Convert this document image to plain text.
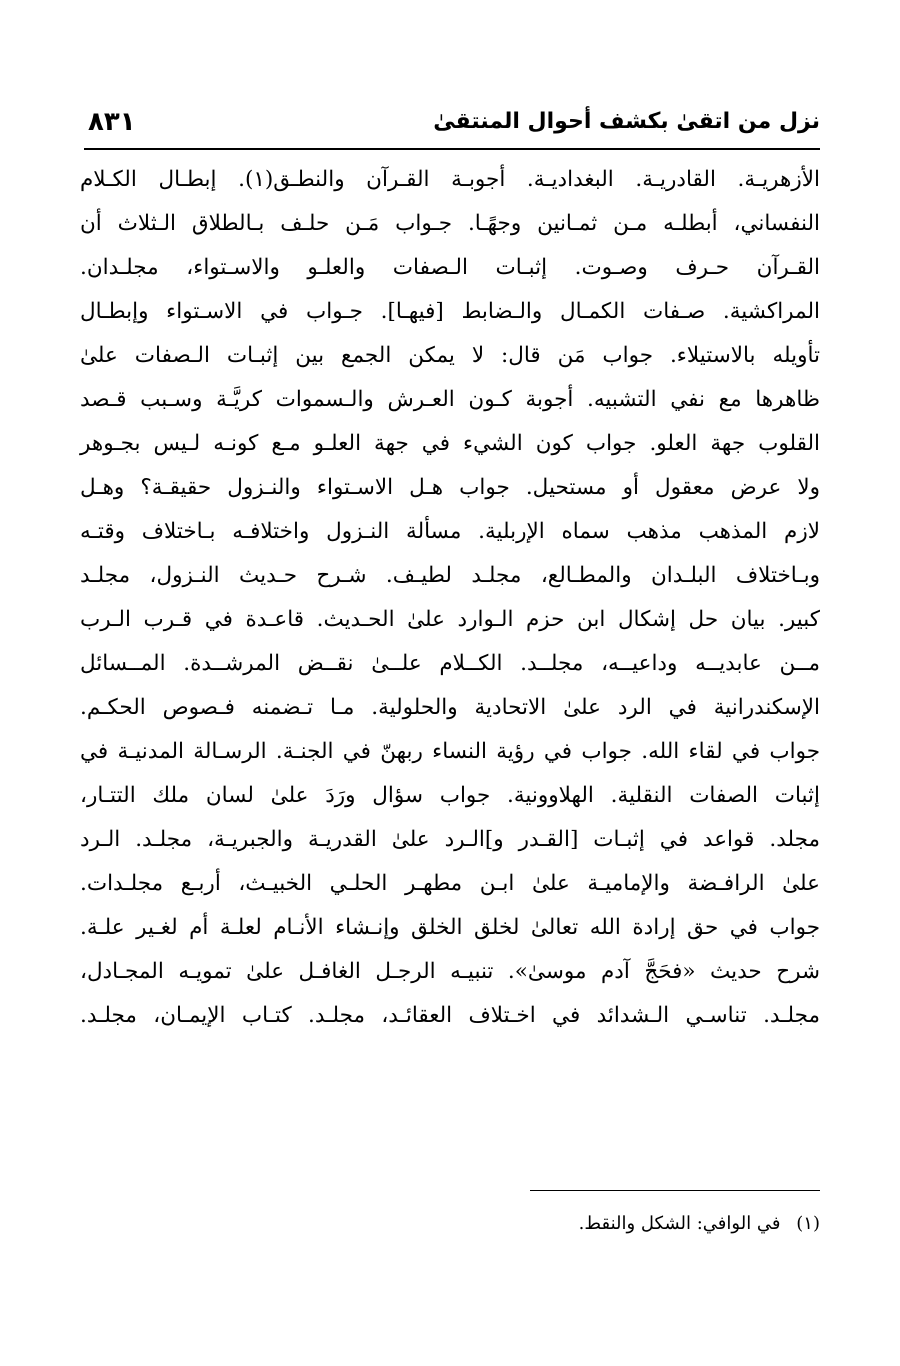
نزل من اتقىٰ بكشف أحوال المنتقىٰ
٨٣١
الأزهريـة. القادريـة. البغداديـة. أجوبـة القـرآن والنطـق(١). إبطـال الكـلام
النفساني، أبطلـه مـن ثمـانين وجهًـا. جـواب مَـن حلـف بـالطلاق الـثلاث أن
القـرآن حـرف وصـوت. إثبـات الـصفات والعلـو والاسـتواء، مجلـدان.
المراكشية. صـفات الكمـال والـضابط [فيهـا]. جـواب في الاسـتواء وإبطـال
تأويله بالاستيلاء. جواب مَن قال: لا يمكن الجمع بين إثبـات الـصفات علىٰ
ظاهرها مع نفي التشبيه. أجوبة كـون العـرش والـسموات كريَّـة وسـبب قـصد
القلوب جهة العلو. جواب كون الشيء في جهة العلـو مـع كونـه لـيس بجـوهر
ولا عرض معقول أو مستحيل. جواب هـل الاسـتواء والنـزول حقيقـة؟ وهـل
لازم المذهب مذهب سماه الإربلية. مسألة النـزول واختلافـه بـاختلاف وقتـه
وبـاختلاف البلـدان والمطـالع، مجلـد لطيـف. شـرح حـديث النـزول، مجلـد
كبير. بيان حل إشكال ابن حزم الـوارد علىٰ الحـديث. قاعـدة في قـرب الـرب
مــن عابديــه وداعيــه، مجلــد. الكــلام علــىٰ نقــض المرشــدة. المــسائل
الإسكندرانية في الرد علىٰ الاتحادية والحلولية. مـا تـضمنه فـصوص الحكـم.
جواب في لقاء الله. جواب في رؤية النساء ربهنّ في الجنـة. الرسـالة المدنيـة في
إثبات الصفات النقلية. الهلاوونية. جواب سؤال ورَدَ علىٰ لسان ملك التتـار،
مجلد. قواعد في إثبـات [القـدر و]الـرد علىٰ القدريـة والجبريـة، مجلـد. الـرد
علىٰ الرافـضة والإماميـة علىٰ ابـن مطهـر الحلـي الخبيـث، أربـع مجلـدات.
جواب في حق إرادة الله تعالىٰ لخلق الخلق وإنـشاء الأنـام لعلـة أم لغـير علـة.
شرح حديث «فحَجَّ آدم موسىٰ». تنبيـه الرجـل الغافـل علىٰ تمويـه المجـادل،
مجلـد. تناسـي الـشدائد في اخـتلاف العقائـد، مجلـد. كتـاب الإيمـان، مجلـد.
(١) في الوافي: الشكل والنقط.
